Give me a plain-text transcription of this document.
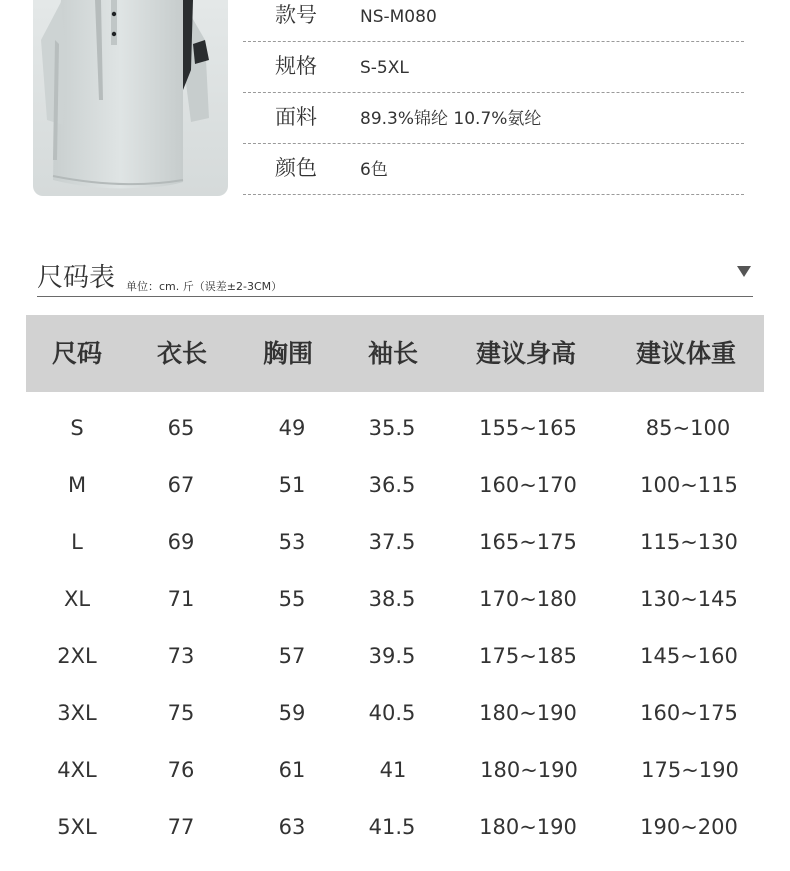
款号	NS-M080
规格	S-5XL
面料	89.3%锦纶 10.7%氨纶
颜色	6色
尺码表 单位：cm. 斤（误差±2-3CM）
尺码 衣长 胸围 袖长 建议身高 建议体重
S	65	49	35.5	155~165	85~100
M	67	51	36.5	160~170	100~115
L	69	53	37.5	165~175	115~130
XL	71	55	38.5	170~180	130~145
2XL	73	57	39.5	175~185	145~160
3XL	75	59	40.5	180~190	160~175
4XL	76	61	41	180~190	175~190
5XL	77	63	41.5	180~190	190~200
